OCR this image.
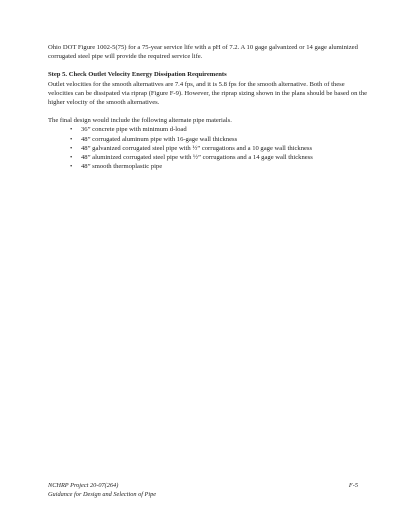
Ohio DOT Figure 1002-5(75) for a 75-year service life with a pH of 7.2. A 10 gage galvanized or 14 gage aluminized corrugated steel pipe will provide the required service life.

Step 5. Check Outlet Velocity Energy Dissipation Requirements

Outlet velocities for the smooth alternatives are 7.4 fps, and it is 5.8 fps for the smooth alternative. Both of these velocities can be dissipated via riprap (Figure F-9). However, the riprap sizing shown in the plans should be based on the higher velocity of the smooth alternatives.

The final design would include the following alternate pipe materials.

• 36” concrete pipe with minimum d-load
• 48” corrugated aluminum pipe with 16-gage wall thickness
• 48” galvanized corrugated steel pipe with ½” corrugations and a 10 gage wall thickness
• 48” aluminized corrugated steel pipe with ½” corrugations and a 14 gage wall thickness
• 48” smooth thermoplastic pipe
NCHRP Project 20-07(264)	F-5
Guidance for Design and Selection of Pipe
